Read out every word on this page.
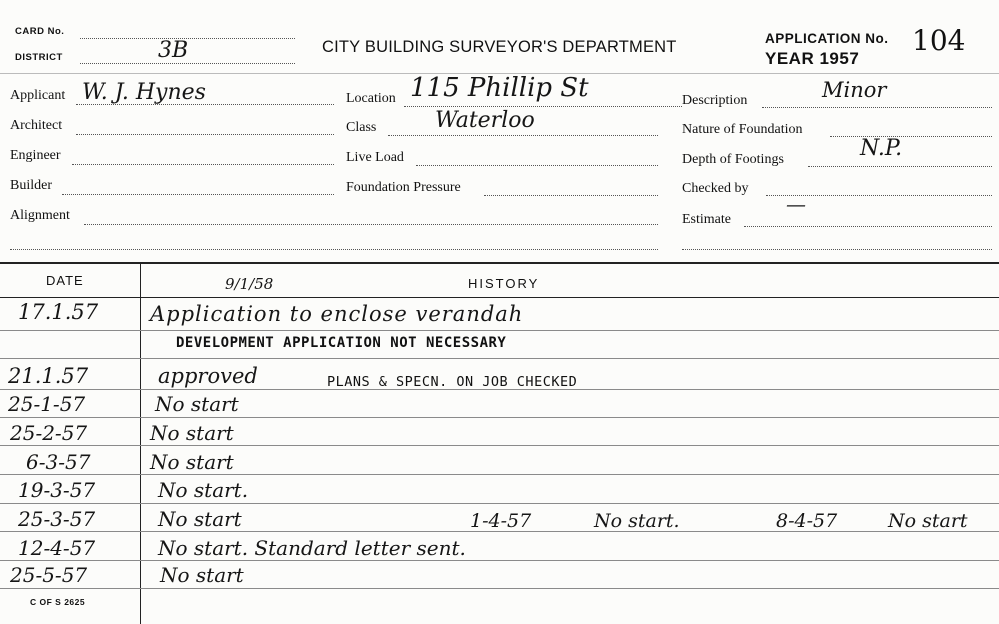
CARD No.
DISTRICT	3B	CITY BUILDING SURVEYOR'S DEPARTMENT	APPLICATION No. 104
YEAR 1957
Applicant W. J. Hynes
Architect
Engineer
Builder
Alignment
Location 115 Phillip St
Class	Waterloo
Live Load
Foundation Pressure
Description	Minor
Nature of Foundation
Depth of Footings	N.P.
Checked by
Estimate
—
DATE	HISTORY
9/1/58
17.1.57 Application to enclose verandah
DEVELOPMENT APPLICATION NOT NECESSARY
21.1.57	approved	PLANS & SPECN. ON JOB CHECKED
25-1-57	No start
25-2-57	No start
6-3-57	No start
19-3-57	No start.
25-3-57	No start	1-4-57	No start.	8-4-57	No start
12-4-57	No start. Standard letter sent.
25-5-57	No start
C OF S 2625
